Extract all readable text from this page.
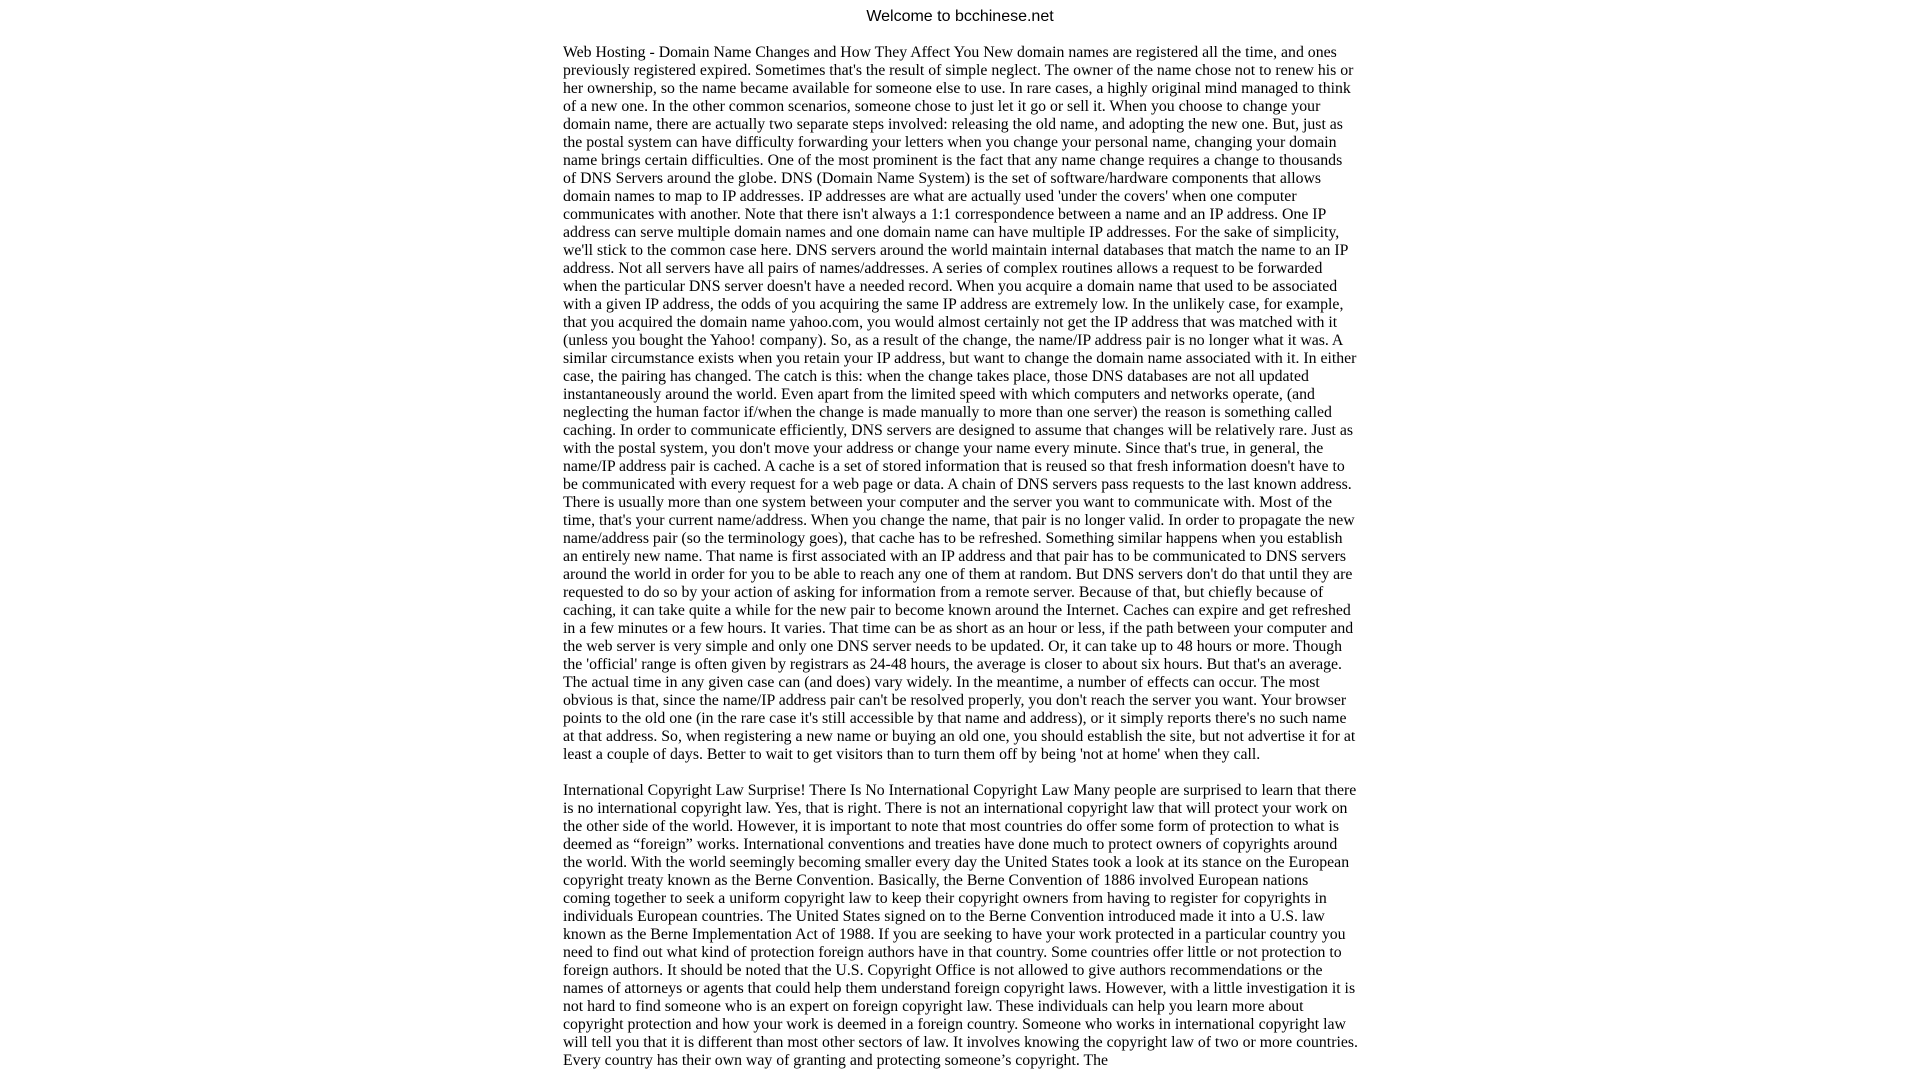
Welcome to bcchinese.net

Web Hosting - Domain Name Changes and How They Affect You New domain names are registered all the time, and ones previously registered expired. Sometimes that's the result of simple neglect. The owner of the name chose not to renew his or her ownership, so the name became available for someone else to use. In rare cases, a highly original mind managed to think of a new one. In the other common scenarios, someone chose to just let it go or sell it. When you choose to change your domain name, there are actually two separate steps involved: releasing the old name, and adopting the new one. But, just as the postal system can have difficulty forwarding your letters when you change your personal name, changing your domain name brings certain difficulties. One of the most prominent is the fact that any name change requires a change to thousands of DNS Servers around the globe. DNS (Domain Name System) is the set of software/hardware components that allows domain names to map to IP addresses. IP addresses are what are actually used 'under the covers' when one computer communicates with another. Note that there isn't always a 1:1 correspondence between a name and an IP address. One IP address can serve multiple domain names and one domain name can have multiple IP addresses. For the sake of simplicity, we'll stick to the common case here. DNS servers around the world maintain internal databases that match the name to an IP address. Not all servers have all pairs of names/addresses. A series of complex routines allows a request to be forwarded when the particular DNS server doesn't have a needed record. When you acquire a domain name that used to be associated with a given IP address, the odds of you acquiring the same IP address are extremely low. In the unlikely case, for example, that you acquired the domain name yahoo.com, you would almost certainly not get the IP address that was matched with it (unless you bought the Yahoo! company). So, as a result of the change, the name/IP address pair is no longer what it was. A similar circumstance exists when you retain your IP address, but want to change the domain name associated with it. In either case, the pairing has changed. The catch is this: when the change takes place, those DNS databases are not all updated instantaneously around the world. Even apart from the limited speed with which computers and networks operate, (and neglecting the human factor if/when the change is made manually to more than one server) the reason is something called caching. In order to communicate efficiently, DNS servers are designed to assume that changes will be relatively rare. Just as with the postal system, you don't move your address or change your name every minute. Since that's true, in general, the name/IP address pair is cached. A cache is a set of stored information that is reused so that fresh information doesn't have to be communicated with every request for a web page or data. A chain of DNS servers pass requests to the last known address. There is usually more than one system between your computer and the server you want to communicate with. Most of the time, that's your current name/address. When you change the name, that pair is no longer valid. In order to propagate the new name/address pair (so the terminology goes), that cache has to be refreshed. Something similar happens when you establish an entirely new name. That name is first associated with an IP address and that pair has to be communicated to DNS servers around the world in order for you to be able to reach any one of them at random. But DNS servers don't do that until they are requested to do so by your action of asking for information from a remote server. Because of that, but chiefly because of caching, it can take quite a while for the new pair to become known around the Internet. Caches can expire and get refreshed in a few minutes or a few hours. It varies. That time can be as short as an hour or less, if the path between your computer and the web server is very simple and only one DNS server needs to be updated. Or, it can take up to 48 hours or more. Though the 'official' range is often given by registrars as 24-48 hours, the average is closer to about six hours. But that's an average. The actual time in any given case can (and does) vary widely. In the meantime, a number of effects can occur. The most obvious is that, since the name/IP address pair can't be resolved properly, you don't reach the server you want. Your browser points to the old one (in the rare case it's still accessible by that name and address), or it simply reports there's no such name at that address. So, when registering a new name or buying an old one, you should establish the site, but not advertise it for at least a couple of days. Better to wait to get visitors than to turn them off by being 'not at home' when they call.

International Copyright Law Surprise! There Is No International Copyright Law Many people are surprised to learn that there is no international copyright law. Yes, that is right. There is not an international copyright law that will protect your work on the other side of the world. However, it is important to note that most countries do offer some form of protection to what is deemed as “foreign” works. International conventions and treaties have done much to protect owners of copyrights around the world. With the world seemingly becoming smaller every day the United States took a look at its stance on the European copyright treaty known as the Berne Convention. Basically, the Berne Convention of 1886 involved European nations coming together to seek a uniform copyright law to keep their copyright owners from having to register for copyrights in individuals European countries. The United States signed on to the Berne Convention introduced made it into a U.S. law known as the Berne Implementation Act of 1988. If you are seeking to have your work protected in a particular country you need to find out what kind of protection foreign authors have in that country. Some countries offer little or not protection to foreign authors. It should be noted that the U.S. Copyright Office is not allowed to give authors recommendations or the names of attorneys or agents that could help them understand foreign copyright laws. However, with a little investigation it is not hard to find someone who is an expert on foreign copyright law. These individuals can help you learn more about copyright protection and how your work is deemed in a foreign country. Someone who works in international copyright law will tell you that it is different than most other sectors of law. It involves knowing the copyright law of two or more countries. Every country has their own way of granting and protecting someone’s copyright. The
